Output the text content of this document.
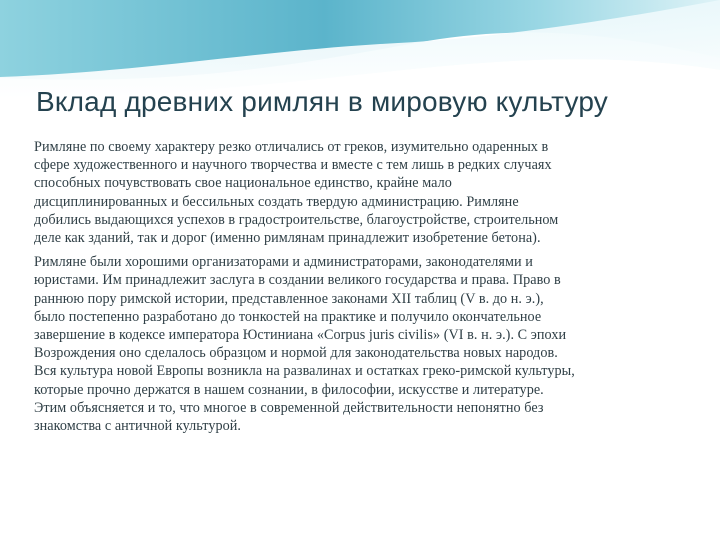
Вклад древних римлян в мировую культуру

Римляне по своему характеру резко отличались от греков, изумительно одаренных в
сфере художественного и научного творчества и вместе с тем лишь в редких случаях
способных почувствовать свое национальное единство, крайне мало
дисциплинированных и бессильных создать твердую администрацию. Римляне
добились выдающихся успехов в градостроительстве, благоустройстве, строительном
деле как зданий, так и дорог (именно римлянам принадлежит изобретение бетона).

Римляне были хорошими организаторами и администраторами, законодателями и
юристами. Им принадлежит заслуга в создании великого государства и права. Право в
раннюю пору римской истории, представленное законами XII таблиц (V в. до н. э.),
было постепенно разработано до тонкостей на практике и получило окончательное
завершение в кодексе императора Юстиниана «Corpus juris civilis» (VI в. н. э.). С эпохи
Возрождения оно сделалось образцом и нормой для законодательства новых народов.
Вся культура новой Европы возникла на развалинах и остатках греко-римской культуры,
которые прочно держатся в нашем сознании, в философии, искусстве и литературе.
Этим объясняется и то, что многое в современной действительности непонятно без
знакомства с античной культурой.
